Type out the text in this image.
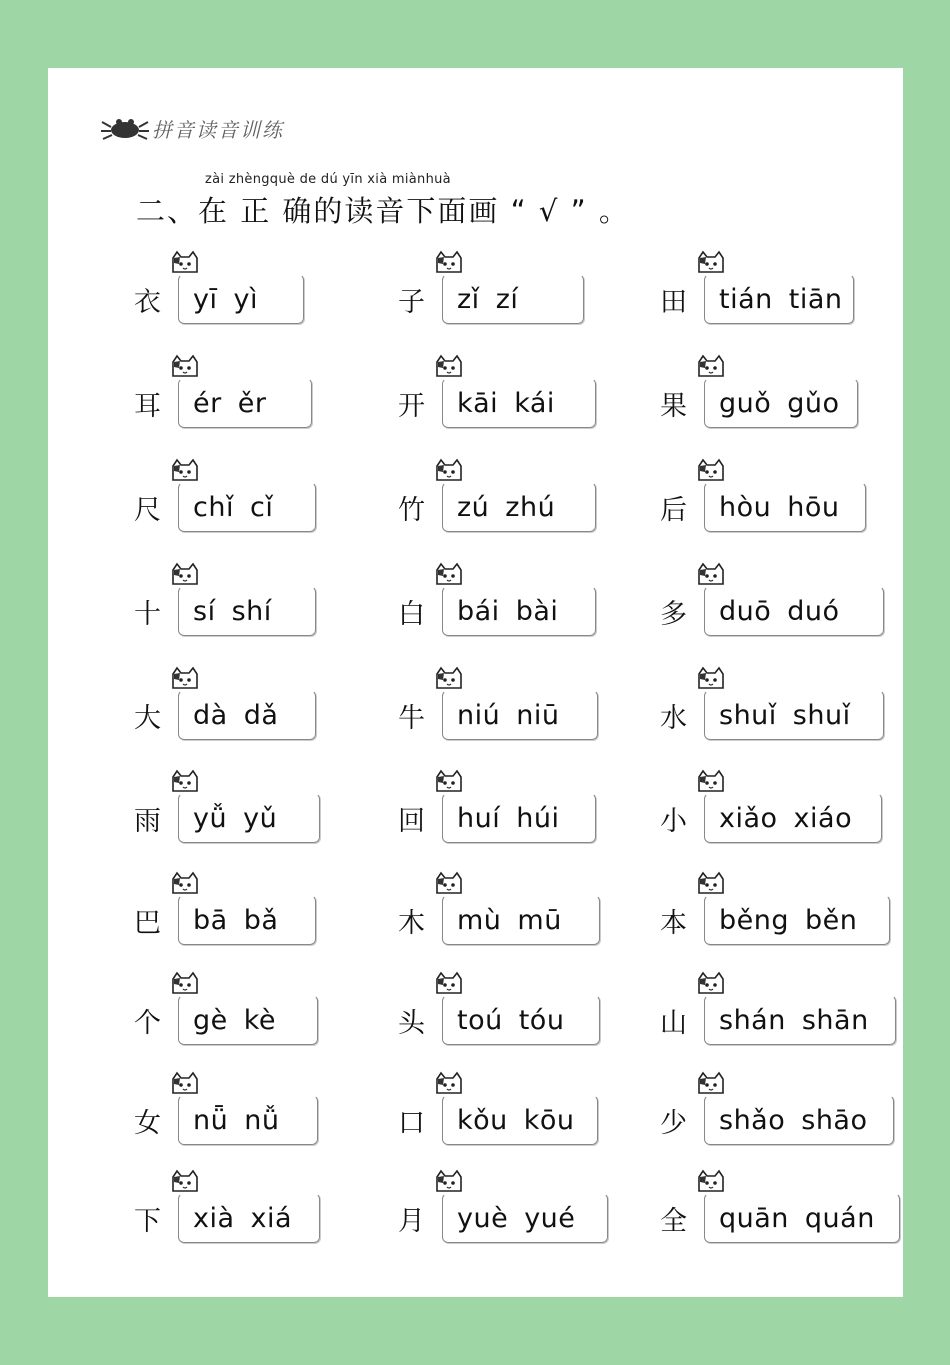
拼音读音训练
zài zhèngquè de dú yīn xià miànhuà
二、在 正 确的读音下面画 “ √ ” 。
衣 yī yì	子 zǐ zí	田 tián tiān
耳 ér ěr	开 kāi kái	果 guǒ gǔo
尺 chǐ cǐ	竹 zú zhú	后 hòu hōu
十 sí shí	白 bái bài	多 duō duó
大 dà dǎ	牛 niú niū	水 shuǐ shuǐ
雨 yǚ yǔ	回 huí húi	小 xiǎo xiáo
巴 bā bǎ	木 mù mū	本 běng běn
个 gè kè	头 toú tóu	山 shán shān
女 nǖ nǚ	口 kǒu kōu	少 shǎo shāo
下 xià xiá	月 yuè yué	全 quān quán
